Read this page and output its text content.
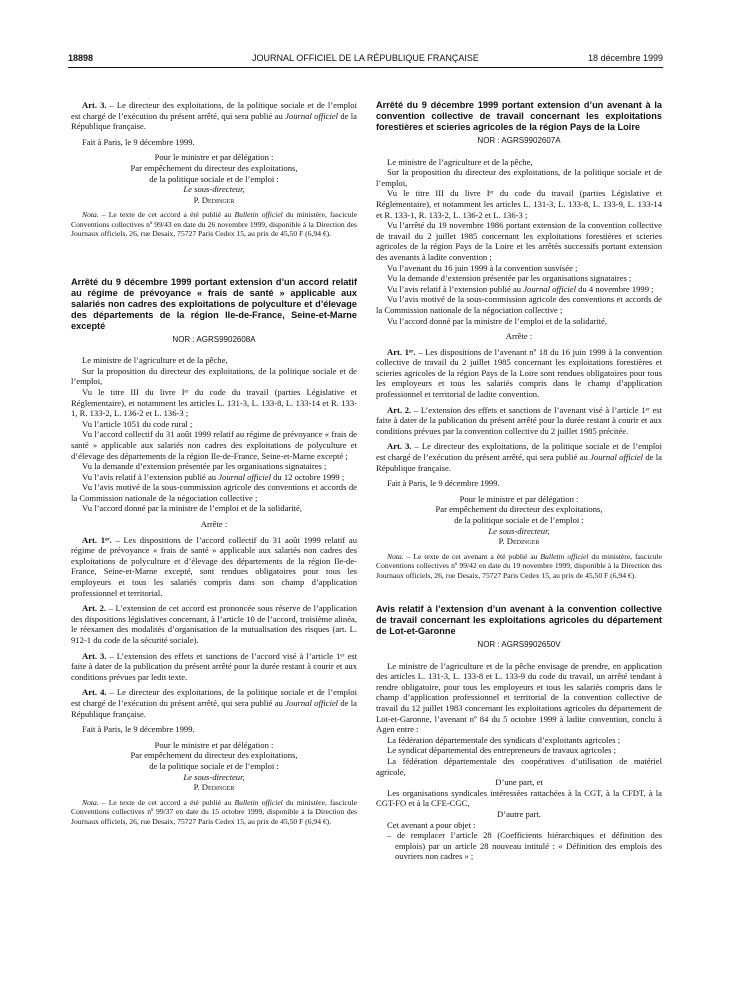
18898	JOURNAL OFFICIEL DE LA RÉPUBLIQUE FRANÇAISE	18 décembre 1999

Art. 3. – Le directeur des exploitations, de la politique sociale et de l’emploi est chargé de l’exécution du présent arrêté, qui sera publié au Journal officiel de la République française.

Fait à Paris, le 9 décembre 1999.

Pour le ministre et par délégation :

Par empêchement du directeur des exploitations,

de la politique sociale et de l’emploi :

Le sous-directeur,

P. Dedinger

Nota. – Le texte de cet accord a été publié au Bulletin officiel du ministère, fascicule Conventions collectives nº 99/43 en date du 26 novembre 1999, disponible à la Direction des Journaux officiels, 26, rue Desaix, 75727 Paris Cedex 15, au prix de 45,50 F (6,94 €).

Arrêté du 9 décembre 1999 portant extension d’un accord relatif au régime de prévoyance « frais de santé » applicable aux salariés non cadres des exploitations de polyculture et d’élevage des départements de la région Ile-de-France, Seine-et-Marne excepté

NOR : AGRS9902608A

Le ministre de l’agriculture et de la pêche,

Sur la proposition du directeur des exploitations, de la politique sociale et de l’emploi,

Vu le titre III du livre Iᵉʳ du code du travail (parties Législative et Réglementaire), et notamment les articles L. 131-3, L. 133-8, L. 133-14 et R. 133-1, R. 133-2, L. 136-2 et L. 136-3 ;

Vu l’article 1051 du code rural ;

Vu l’accord collectif du 31 août 1999 relatif au régime de prévoyance « frais de santé » applicable aux salariés non cadres des exploitations de polyculture et d’élevage des départements de la région Ile-de-France, Seine-et-Marne excepté ;

Vu la demande d’extension présentée par les organisations signataires ;

Vu l’avis relatif à l’extension publié au Journal officiel du 12 octobre 1999 ;

Vu l’avis motivé de la sous-commission agricole des conventions et accords de la Commission nationale de la négociation collective ;

Vu l’accord donné par la ministre de l’emploi et de la solidarité,

Arrête :

Art. 1ᵉʳ. – Les dispositions de l’accord collectif du 31 août 1999 relatif au régime de prévoyance « frais de santé » applicable aux salariés non cadres des exploitations de polyculture et d’élevage des départements de la région Ile-de-France, Seine-et-Marne excepté, sont rendues obligatoires pour tous les employeurs et tous les salariés compris dans son champ d’application professionnel et territorial.

Art. 2. – L’extension de cet accord est prononcée sous réserve de l’application des dispositions législatives concernant, à l’article 10 de l’accord, troisième alinéa, le réexamen des modalités d’organisation de la mutualisation des risques (art. L. 912-1 du code de la sécurité sociale).

Art. 3. – L’extension des effets et sanctions de l’accord visé à l’article 1ᵉʳ est faite à dater de la publication du présent arrêté pour la durée restant à courir et aux conditions prévues par ledit texte.

Art. 4. – Le directeur des exploitations, de la politique sociale et de l’emploi est chargé de l’exécution du présent arrêté, qui sera publié au Journal officiel de la République française.

Fait à Paris, le 9 décembre 1999.

Pour le ministre et par délégation :

Par empêchement du directeur des exploitations,

de la politique sociale et de l’emploi :

Le sous-directeur,

P. Dedinger

Nota. – Le texte de cet accord a été publié au Bulletin officiel du ministère, fascicule Conventions collectives nº 99/37 en date du 15 octobre 1999, disponible à la Direction des Journaux officiels, 26, rue Desaix, 75727 Paris Cedex 15, au prix de 45,50 F (6,94 €).

Arrêté du 9 décembre 1999 portant extension d’un avenant à la convention collective de travail concernant les exploitations forestières et scieries agricoles de la région Pays de la Loire

NOR : AGRS9902607A

Le ministre de l’agriculture et de la pêche,

Sur la proposition du directeur des exploitations, de la politique sociale et de l’emploi,

Vu le titre III du livre Iᵉʳ du code du travail (parties Législative et Réglementaire), et notamment les articles L. 131-3, L. 133-8, L. 133-9, L. 133-14 et R. 133-1, R. 133-2, L. 136-2 et L. 136-3 ;

Vu l’arrêté du 19 novembre 1986 portant extension de la convention collective de travail du 2 juillet 1985 concernant les exploitations forestières et scieries agricoles de la région Pays de la Loire et les arrêtés successifs portant extension des avenants à ladite convention ;

Vu l’avenant du 16 juin 1999 à la convention susvisée ;

Vu la demande d’extension présentée par les organisations signataires ;

Vu l’avis relatif à l’extension publié au Journal officiel du 4 novembre 1999 ;

Vu l’avis motivé de la sous-commission agricole des conventions et accords de la Commission nationale de la négociation collective ;

Vu l’accord donné par la ministre de l’emploi et de la solidarité,

Arrête :

Art. 1ᵉʳ. – Les dispositions de l’avenant nº 18 du 16 juin 1999 à la convention collective de travail du 2 juillet 1985 concernant les exploitations forestières et scieries agricoles de la région Pays de la Loire sont rendues obligatoires pour tous les employeurs et tous les salariés compris dans le champ d’application professionnel et territorial de ladite convention.

Art. 2. – L’extension des effets et sanctions de l’avenant visé à l’article 1ᵉʳ est faite à dater de la publication du présent arrêté pour la durée restant à courir et aux conditions prévues par la convention collective du 2 juillet 1985 précitée.

Art. 3. – Le directeur des exploitations, de la politique sociale et de l’emploi est chargé de l’exécution du présent arrêté, qui sera publié au Journal officiel de la République française.

Fait à Paris, le 9 décembre 1999.

Pour le ministre et par délégation :

Par empêchement du directeur des exploitations,

de la politique sociale et de l’emploi :

Le sous-directeur,

P. Dedinger

Nota. – Le texte de cet avenant a été publié au Bulletin officiel du ministère, fascicule Conventions collectives nº 99/42 en date du 19 novembre 1999, disponible à la Direction des Journaux officiels, 26, rue Desaix, 75727 Paris Cedex 15, au prix de 45,50 F (6,94 €).

Avis relatif à l’extension d’un avenant à la convention collective de travail concernant les exploitations agricoles du département de Lot-et-Garonne

NOR : AGRS9902650V

Le ministre de l’agriculture et de la pêche envisage de prendre, en application des articles L. 131-3, L. 133-8 et L. 133-9 du code du travail, un arrêté tendant à rendre obligatoire, pour tous les employeurs et tous les salariés compris dans le champ d’application professionnel et territorial de la convention collective de travail du 12 juillet 1983 concernant les exploitations agricoles du département de Lot-et-Garonne, l’avenant nº 84 du 5 octobre 1999 à ladite convention, conclu à Agen entre :

La fédération départementale des syndicats d’exploitants agricoles ;

Le syndicat départemental des entrepreneurs de travaux agricoles ;

La fédération départementale des coopératives d’utilisation de matériel agricole,

D’une part, et

Les organisations syndicales intéressées rattachées à la CGT, à la CFDT, à la CGT-FO et à la CFE-CGC,

D’autre part.

Cet avenant a pour objet :

– de remplacer l’article 28 (Coefficients hiérarchiques et définition des emplois) par un article 28 nouveau intitulé : « Définition des emplois des ouvriers non cadres » ;
